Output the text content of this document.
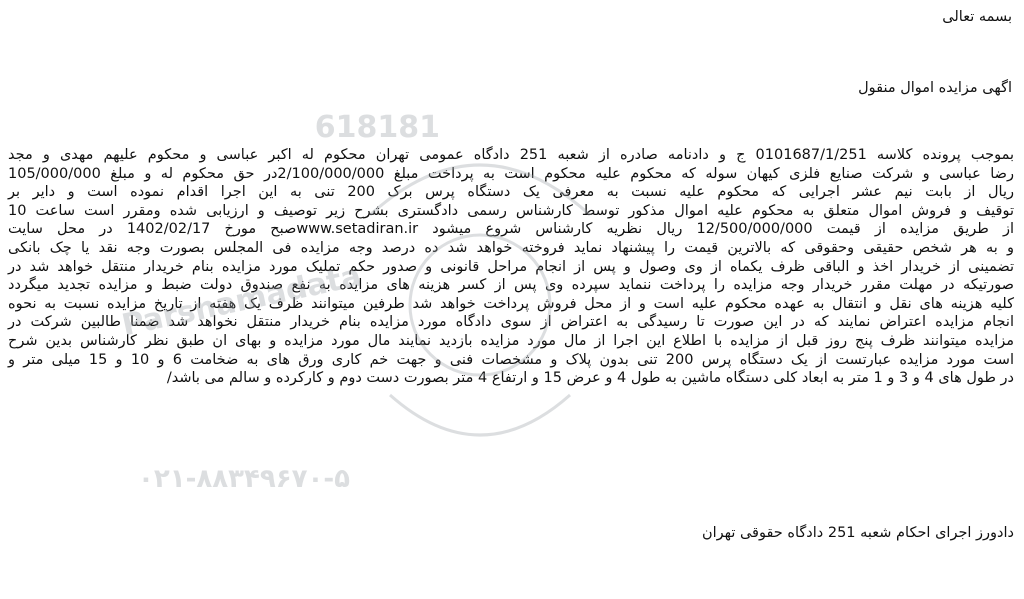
بسمه تعالی
اگهی مزایده اموال منقول
بموجب پرونده کلاسه 0101687/1/251 ج و دادنامه صادره از شعبه 251 دادگاه عمومی تهران محکوم له اکبر عباسی و محکوم علیهم مهدی و مجد
رضا عباسی و شرکت صنایع فلزی کیهان سوله که محکوم علیه محکوم است به پرداخت مبلغ 2/100/000/000در حق محکوم له و مبلغ 105/000/000
ریال از بابت نیم عشر اجرایی که محکوم علیه نسبت به معرفی یک دستگاه پرس برک 200 تنی به این اجرا اقدام نموده است و دایر بر
توقیف و فروش اموال متعلق به محکوم علیه اموال مذکور توسط کارشناس رسمی دادگستری بشرح زیر توصیف و ارزیابی شده ومقرر است ساعت 10
از طریق مزایده از قیمت 12/500/000/000 ریال نظریه کارشناس شروع میشود www.setadiran.irصبح مورخ 1402/02/17 در محل سایت
و به هر شخص حقیقی وحقوقی که بالاترین قیمت را پیشنهاد نماید فروخته خواهد شد ده درصد وجه مزایده فی المجلس بصورت وجه نقد یا چک بانکی
تضمینی از خریدار اخذ و الباقی ظرف یکماه از وی وصول و پس از انجام مراحل قانونی و صدور حکم تملیک مورد مزایده بنام خریدار منتقل خواهد شد در
صورتیکه در مهلت مقرر خریدار وجه مزایده را پرداخت ننماید سپرده وی پس از کسر هزینه های مزایده به نفع صندوق دولت ضبط و مزایده تجدید میگردد
کلیه هزینه های نقل و انتقال به عهده محکوم علیه است و از محل فروش پرداخت خواهد شد طرفین میتوانند ظرف یک هفته از تاریخ مزایده نسبت به نحوه
انجام مزایده اعتراض نمایند که در این صورت تا رسیدگی به اعتراض از سوی دادگاه مورد مزایده بنام خریدار منتقل نخواهد شد ضمنا طالبین شرکت در
مزایده میتوانند ظرف پنج روز قبل از مزایده با اطلاع این اجرا از مال مورد مزایده بازدید نمایند مال مورد مزایده و بهای ان طبق نظر کارشناس بدین شرح
است مورد مزایده عبارتست از یک دستگاه پرس 200 تنی بدون پلاک و مشخصات فنی و جهت خم کاری ورق های به ضخامت 6 و 10 و 15 میلی متر و
در طول های 4 و 3 و 1 متر به ابعاد کلی دستگاه ماشین به طول 4 و عرض 15 و ارتفاع 4 متر بصورت دست دوم و کارکرده و سالم می باشد/
دادورز اجرای احکام شعبه 251 دادگاه حقوقی تهران
618181
Parsnamadata
۰۲۱-۸۸۳۴۹۶۷۰-۵
